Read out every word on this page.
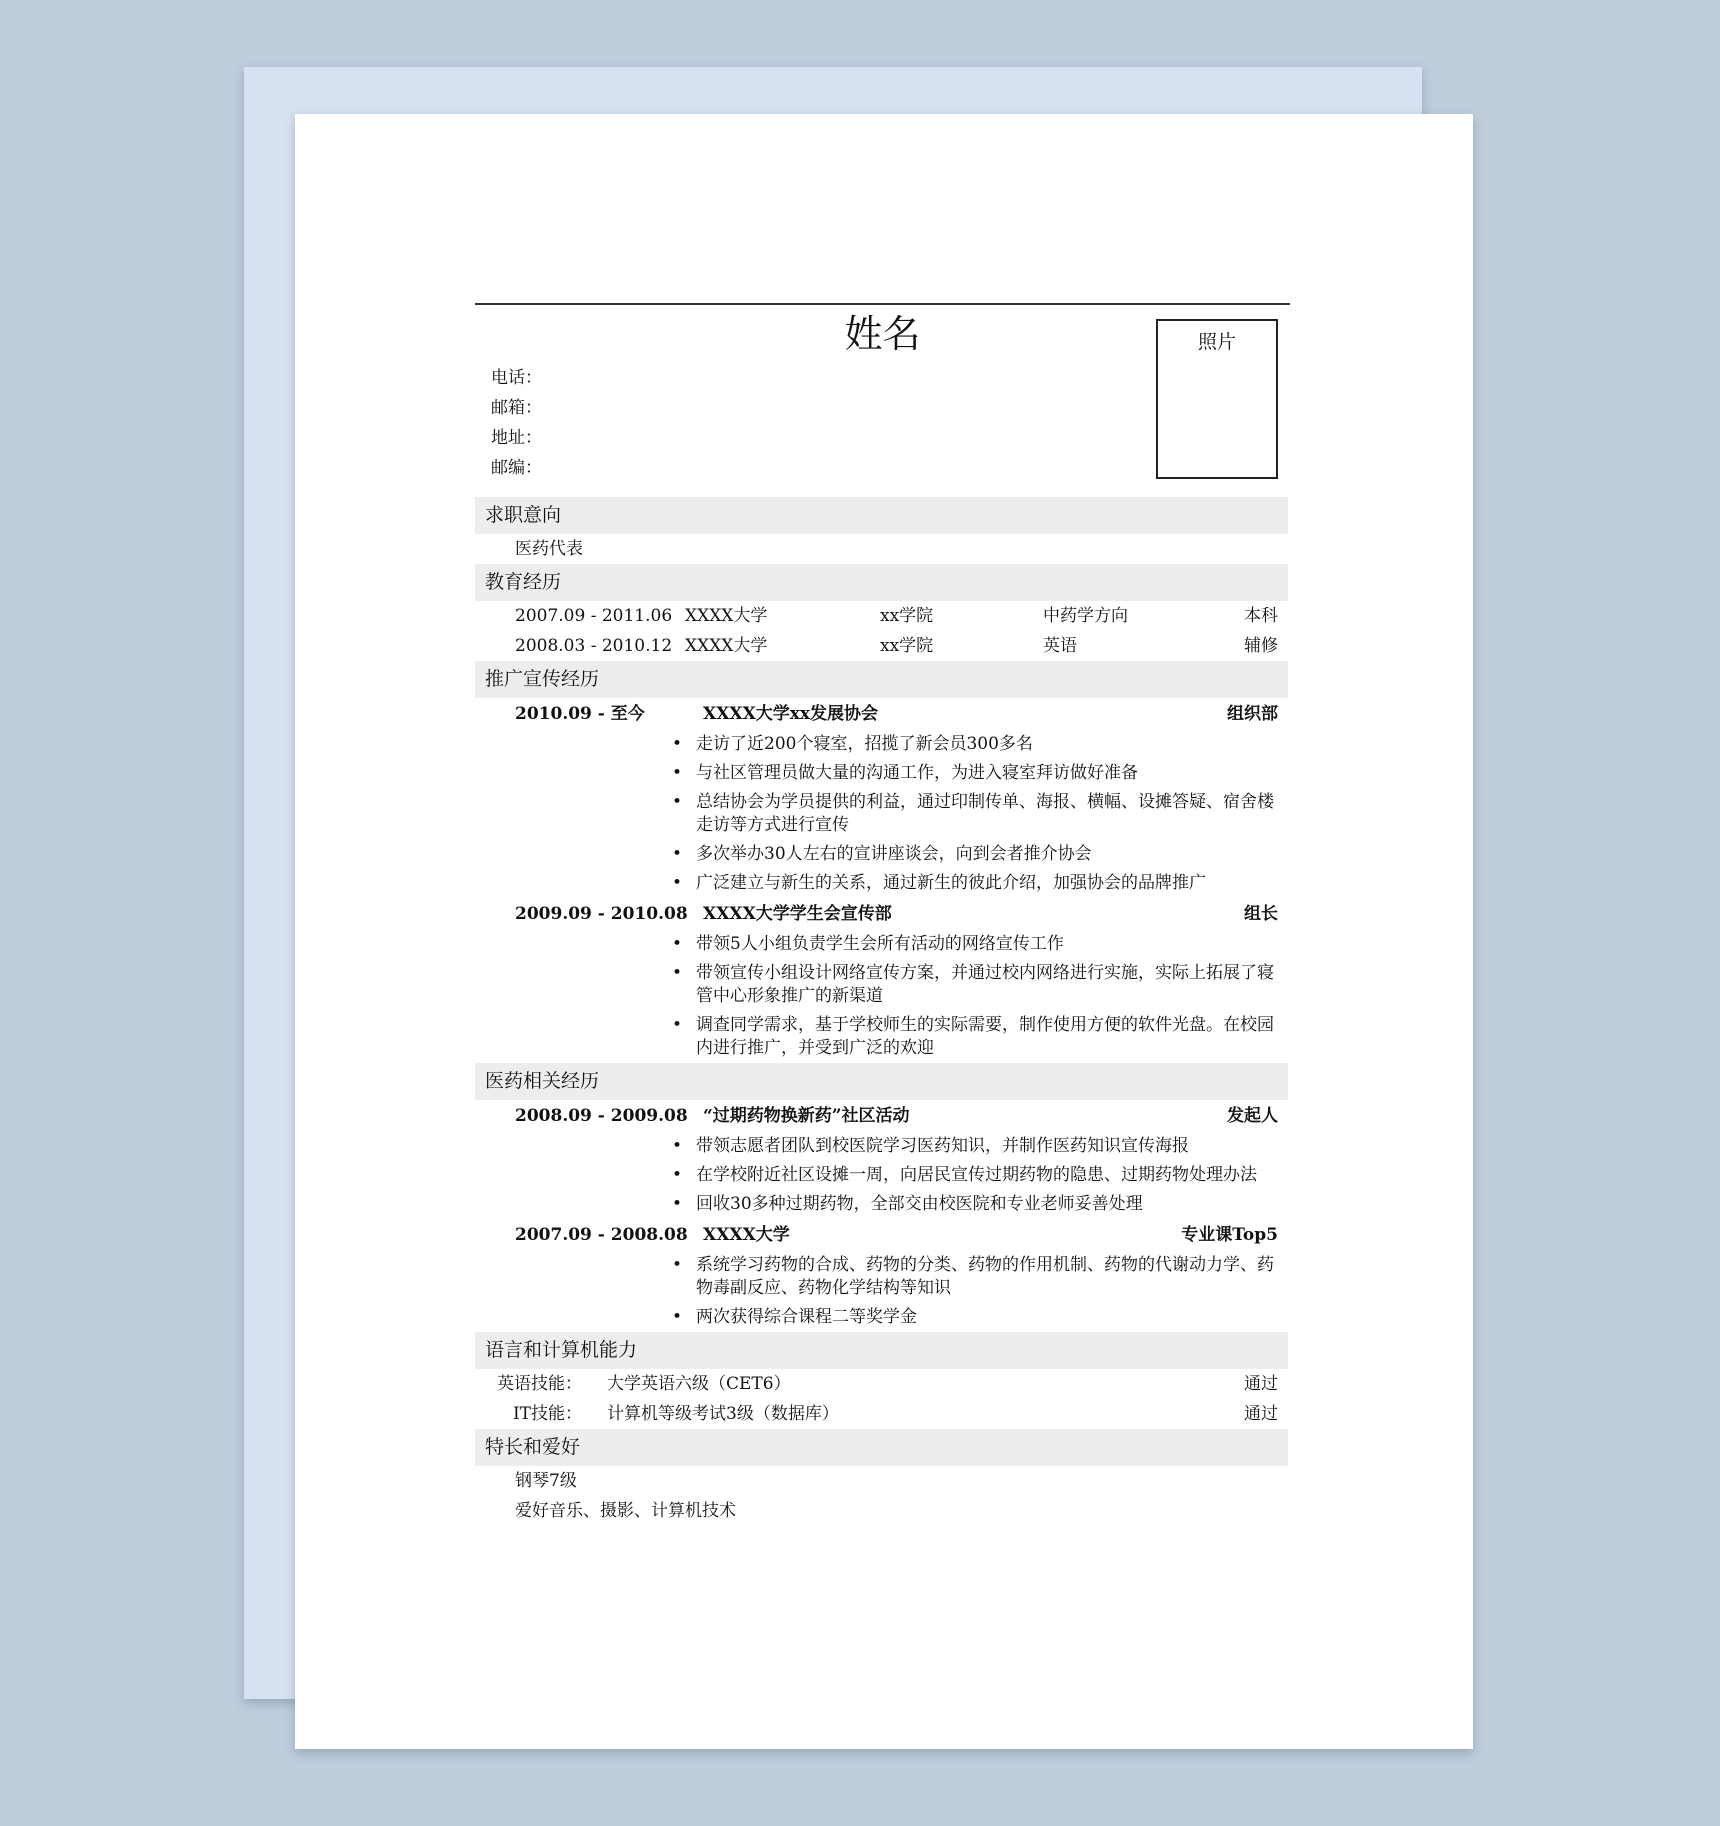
姓名
电话：
邮箱：
地址：
邮编：
照片
求职意向
医药代表
教育经历
2007.09 - 2011.06 XXXX大学	xx学院	中药学方向	本科
2008.03 - 2010.12 XXXX大学	xx学院	英语	辅修
推广宣传经历
2010.09 - 至今	XXXX大学xx发展协会	组织部
• 走访了近200个寝室，招揽了新会员300多名
• 与社区管理员做大量的沟通工作，为进入寝室拜访做好准备
• 总结协会为学员提供的利益，通过印制传单、海报、横幅、设摊答疑、宿舍楼走访等方式进行宣传
• 多次举办30人左右的宣讲座谈会，向到会者推介协会
• 广泛建立与新生的关系，通过新生的彼此介绍，加强协会的品牌推广
2009.09 - 2010.08 XXXX大学学生会宣传部	组长
• 带领5人小组负责学生会所有活动的网络宣传工作
• 带领宣传小组设计网络宣传方案，并通过校内网络进行实施，实际上拓展了寝管中心形象推广的新渠道
• 调查同学需求，基于学校师生的实际需要，制作使用方便的软件光盘。在校园内进行推广，并受到广泛的欢迎
医药相关经历
2008.09 - 2009.08 “过期药物换新药”社区活动	发起人
• 带领志愿者团队到校医院学习医药知识，并制作医药知识宣传海报
• 在学校附近社区设摊一周，向居民宣传过期药物的隐患、过期药物处理办法
• 回收30多种过期药物，全部交由校医院和专业老师妥善处理
2007.09 - 2008.08 XXXX大学	专业课Top5
• 系统学习药物的合成、药物的分类、药物的作用机制、药物的代谢动力学、药物毒副反应、药物化学结构等知识
• 两次获得综合课程二等奖学金
语言和计算机能力
英语技能： 大学英语六级（CET6）	通过
IT技能： 计算机等级考试3级（数据库）	通过
特长和爱好
钢琴7级
爱好音乐、摄影、计算机技术
